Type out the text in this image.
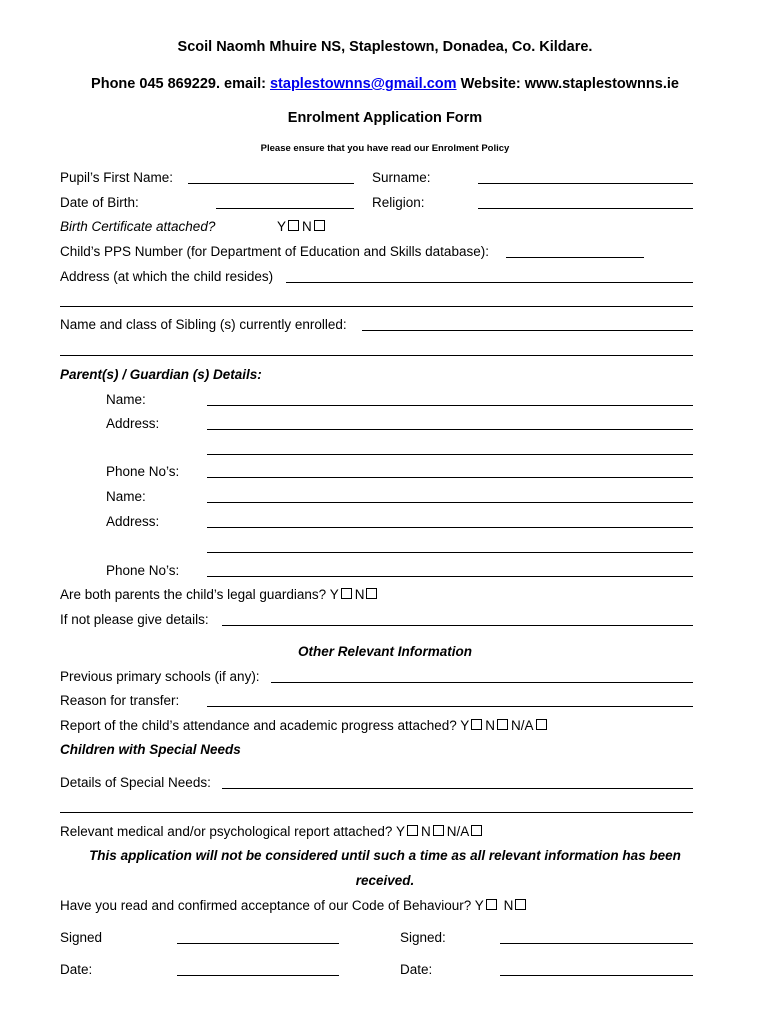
Scoil Naomh Mhuire NS, Staplestown, Donadea, Co. Kildare.
Phone 045 869229. email: staplestownns@gmail.com Website: www.staplestownns.ie
Enrolment Application Form
Please ensure that you have read our Enrolment Policy
Pupil’s First Name:	Surname:
Date of Birth:	Religion:
Birth Certificate attached?	Y N
Child’s PPS Number (for Department of Education and Skills database):
Address (at which the child resides)
Name and class of Sibling (s) currently enrolled:
Parent(s) / Guardian (s) Details:
Name:
Address:
Phone No’s:
Name:
Address:
Phone No’s:
Are both parents the child’s legal guardians? Y N
If not please give details:
Other Relevant Information
Previous primary schools (if any):
Reason for transfer:
Report of the child’s attendance and academic progress attached? Y N N/A
Children with Special Needs
Details of Special Needs:
Relevant medical and/or psychological report attached? Y N N/A
This application will not be considered until such a time as all relevant information has been
received.
Have you read and confirmed acceptance of our Code of Behaviour? Y N
Signed	Signed:
Date:	Date:
